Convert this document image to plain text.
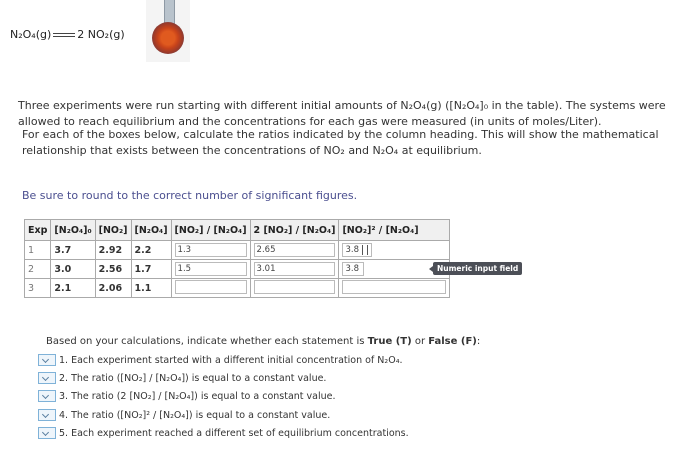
N₂O₄(g) 2 NO₂(g)
Three experiments were run starting with different initial amounts of N₂O₄(g) ([N₂O₄]₀ in the table). The systems were allowed to reach equilibrium and the concentrations for each gas were measured (in units of moles/Liter).
For each of the boxes below, calculate the ratios indicated by the column heading. This will show the mathematical relationship that exists between the concentrations of NO₂ and N₂O₄ at equilibrium.
Be sure to round to the correct number of significant figures.
Exp	[N₂O₄]₀	[NO₂]	[N₂O₄]	[NO₂] / [N₂O₄]	2 [NO₂] / [N₂O₄]	[NO₂]² / [N₂O₄]
1	3.7	2.92	2.2	1.3	2.65	3.8
2	3.0	2.56	1.7	1.5	3.01	3.8
3	2.1	2.06	1.1			
Numeric input field
Based on your calculations, indicate whether each statement is True (T) or False (F):
1. Each experiment started with a different initial concentration of N₂O₄.
2. The ratio ([NO₂] / [N₂O₄]) is equal to a constant value.
3. The ratio (2 [NO₂] / [N₂O₄]) is equal to a constant value.
4. The ratio ([NO₂]² / [N₂O₄]) is equal to a constant value.
5. Each experiment reached a different set of equilibrium concentrations.
